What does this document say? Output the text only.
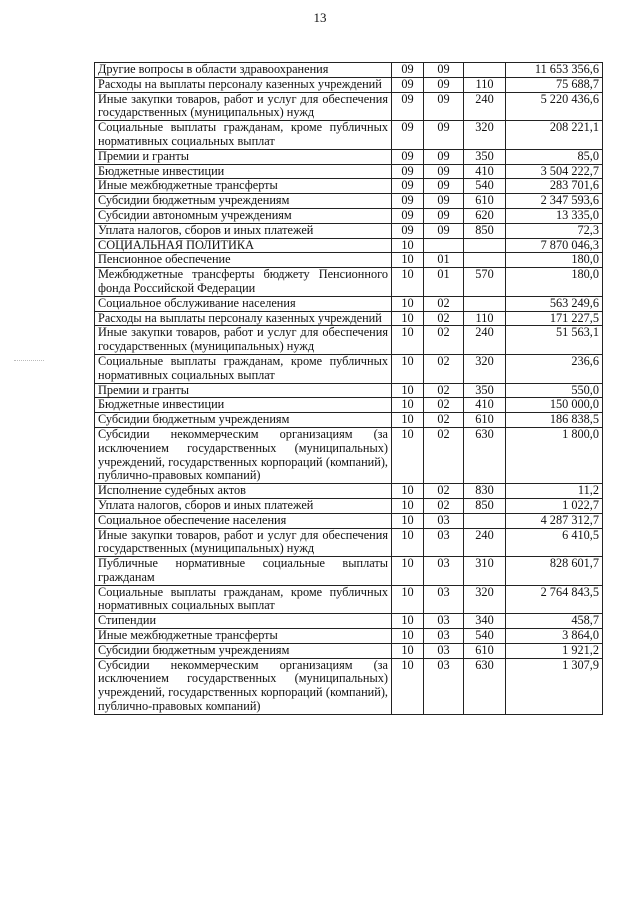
13
Другие вопросы в области здравоохранения	09	09		11 653 356,6
Расходы на выплаты персоналу казенных учреждений	09	09	110	75 688,7
Иные закупки товаров, работ и услуг для обеспечения государственных (муниципальных) нужд	09	09	240	5 220 436,6
Социальные выплаты гражданам, кроме публичных нормативных социальных выплат	09	09	320	208 221,1
Премии и гранты	09	09	350	85,0
Бюджетные инвестиции	09	09	410	3 504 222,7
Иные межбюджетные трансферты	09	09	540	283 701,6
Субсидии бюджетным учреждениям	09	09	610	2 347 593,6
Субсидии автономным учреждениям	09	09	620	13 335,0
Уплата налогов, сборов и иных платежей	09	09	850	72,3
СОЦИАЛЬНАЯ ПОЛИТИКА	10			7 870 046,3
Пенсионное обеспечение	10	01		180,0
Межбюджетные трансферты бюджету Пенсионного фонда Российской Федерации	10	01	570	180,0
Социальное обслуживание населения	10	02		563 249,6
Расходы на выплаты персоналу казенных учреждений	10	02	110	171 227,5
Иные закупки товаров, работ и услуг для обеспечения государственных (муниципальных) нужд	10	02	240	51 563,1
Социальные выплаты гражданам, кроме публичных нормативных социальных выплат	10	02	320	236,6
Премии и гранты	10	02	350	550,0
Бюджетные инвестиции	10	02	410	150 000,0
Субсидии бюджетным учреждениям	10	02	610	186 838,5
Субсидии некоммерческим организациям (за исключением государственных (муниципальных) учреждений, государственных корпораций (компаний), публично-правовых компаний)	10	02	630	1 800,0
Исполнение судебных актов	10	02	830	11,2
Уплата налогов, сборов и иных платежей	10	02	850	1 022,7
Социальное обеспечение населения	10	03		4 287 312,7
Иные закупки товаров, работ и услуг для обеспечения государственных (муниципальных) нужд	10	03	240	6 410,5
Публичные нормативные социальные выплаты гражданам	10	03	310	828 601,7
Социальные выплаты гражданам, кроме публичных нормативных социальных выплат	10	03	320	2 764 843,5
Стипендии	10	03	340	458,7
Иные межбюджетные трансферты	10	03	540	3 864,0
Субсидии бюджетным учреждениям	10	03	610	1 921,2
Субсидии некоммерческим организациям (за исключением государственных (муниципальных) учреждений, государственных корпораций (компаний), публично-правовых компаний)	10	03	630	1 307,9
